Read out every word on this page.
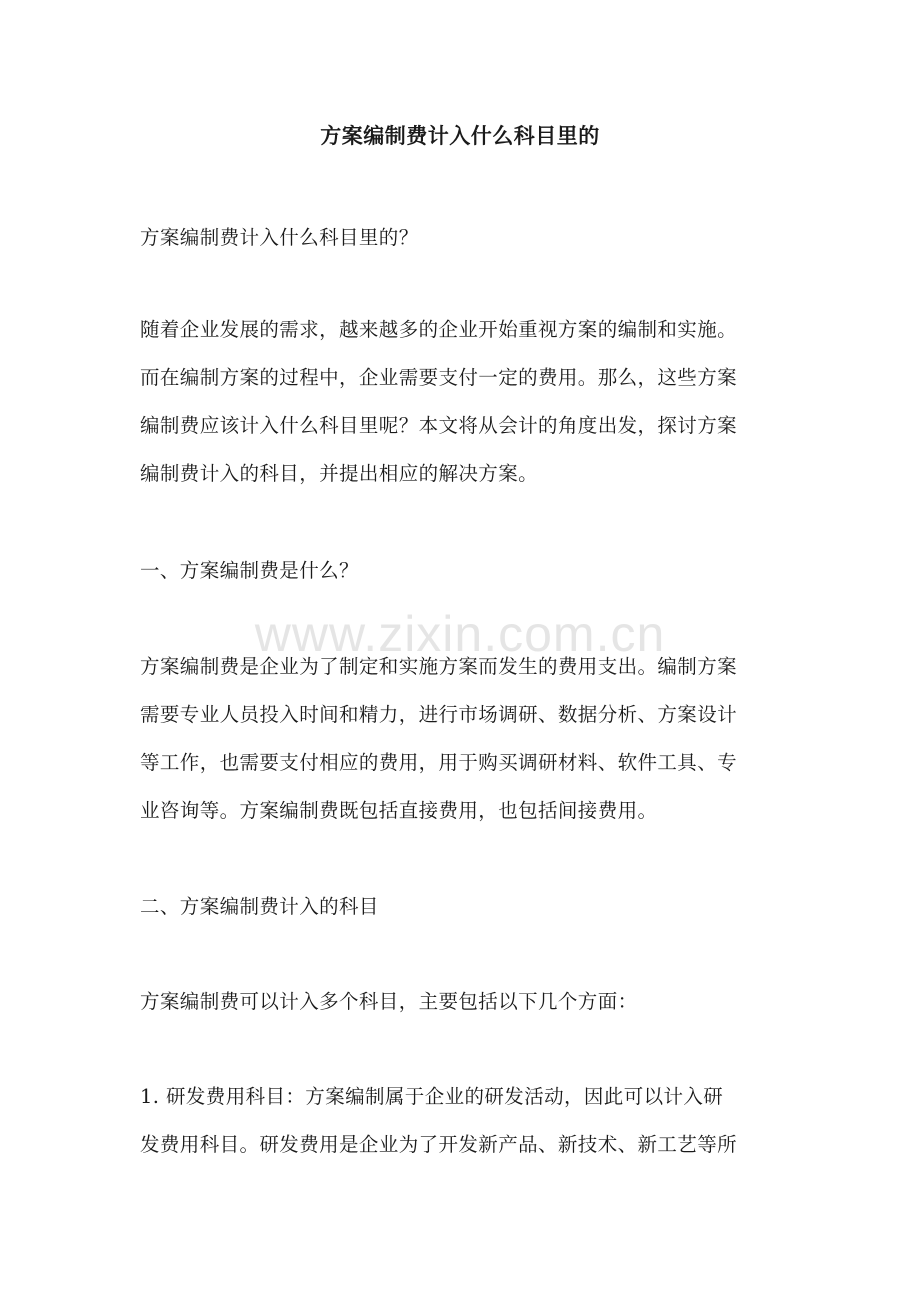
方案编制费计入什么科目里的
方案编制费计入什么科目里的？
随着企业发展的需求，越来越多的企业开始重视方案的编制和实施。
而在编制方案的过程中，企业需要支付一定的费用。那么，这些方案
编制费应该计入什么科目里呢？本文将从会计的角度出发，探讨方案
编制费计入的科目，并提出相应的解决方案。
一、方案编制费是什么？
www.zixin.com.cn
方案编制费是企业为了制定和实施方案而发生的费用支出。编制方案
需要专业人员投入时间和精力，进行市场调研、数据分析、方案设计
等工作，也需要支付相应的费用，用于购买调研材料、软件工具、专
业咨询等。方案编制费既包括直接费用，也包括间接费用。
二、方案编制费计入的科目
方案编制费可以计入多个科目，主要包括以下几个方面：
1. 研发费用科目：方案编制属于企业的研发活动，因此可以计入研
发费用科目。研发费用是企业为了开发新产品、新技术、新工艺等所
